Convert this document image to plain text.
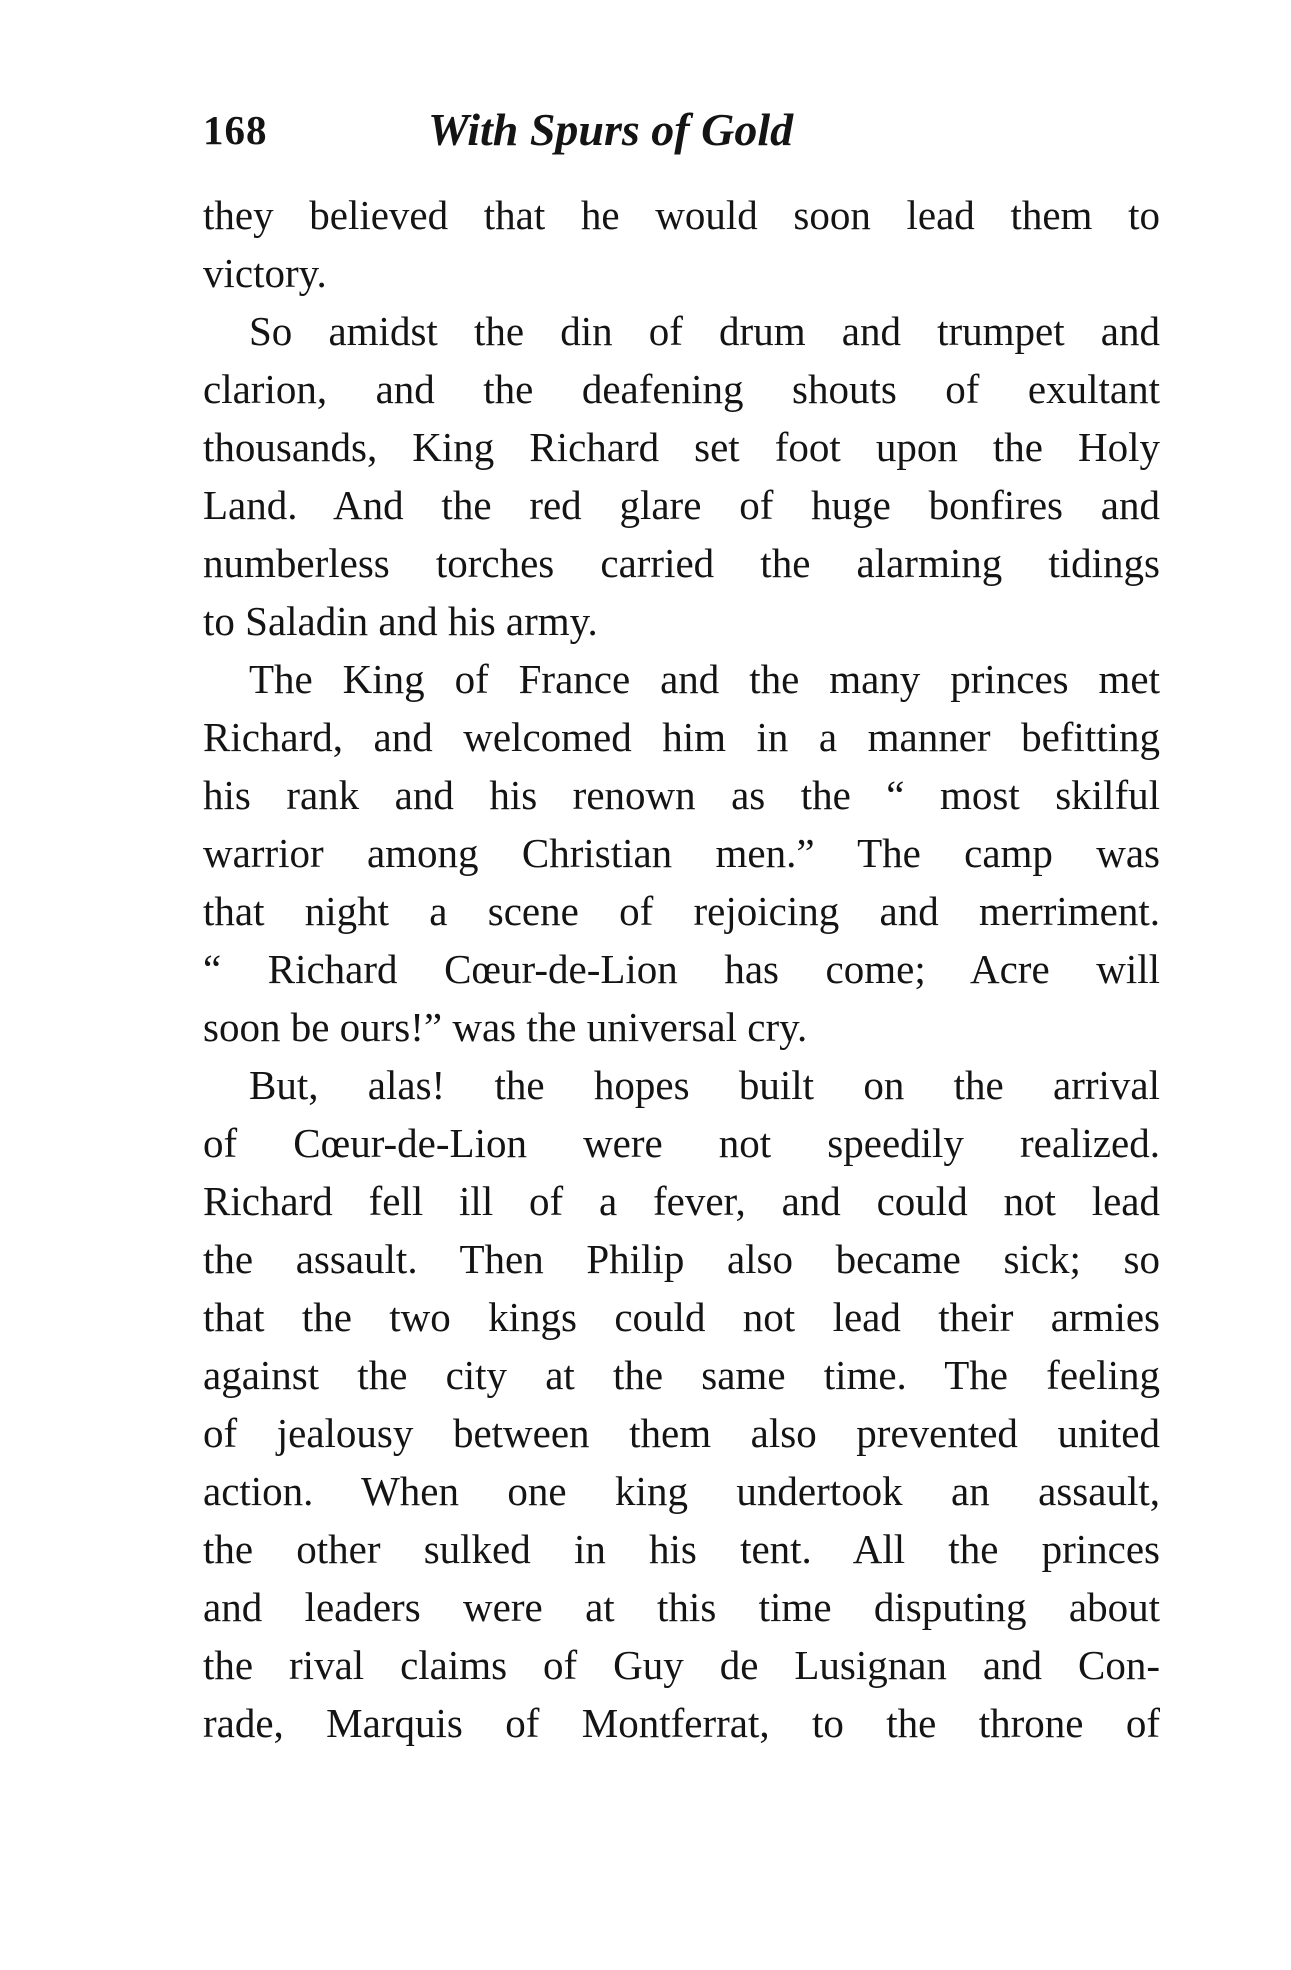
168	With Spurs of Gold
they believed that he would soon lead them to
victory.
So amidst the din of drum and trumpet and
clarion, and the deafening shouts of exultant
thousands, King Richard set foot upon the Holy
Land. And the red glare of huge bonfires and
numberless torches carried the alarming tidings
to Saladin and his army.
The King of France and the many princes met
Richard, and welcomed him in a manner befitting
his rank and his renown as the “ most skilful
warrior among Christian men.” The camp was
that night a scene of rejoicing and merriment.
“ Richard Cœur-de-Lion has come; Acre will
soon be ours!” was the universal cry.
But, alas! the hopes built on the arrival
of Cœur-de-Lion were not speedily realized.
Richard fell ill of a fever, and could not lead
the assault. Then Philip also became sick; so
that the two kings could not lead their armies
against the city at the same time. The feeling
of jealousy between them also prevented united
action. When one king undertook an assault,
the other sulked in his tent. All the princes
and leaders were at this time disputing about
the rival claims of Guy de Lusignan and Con-
rade, Marquis of Montferrat, to the throne of
